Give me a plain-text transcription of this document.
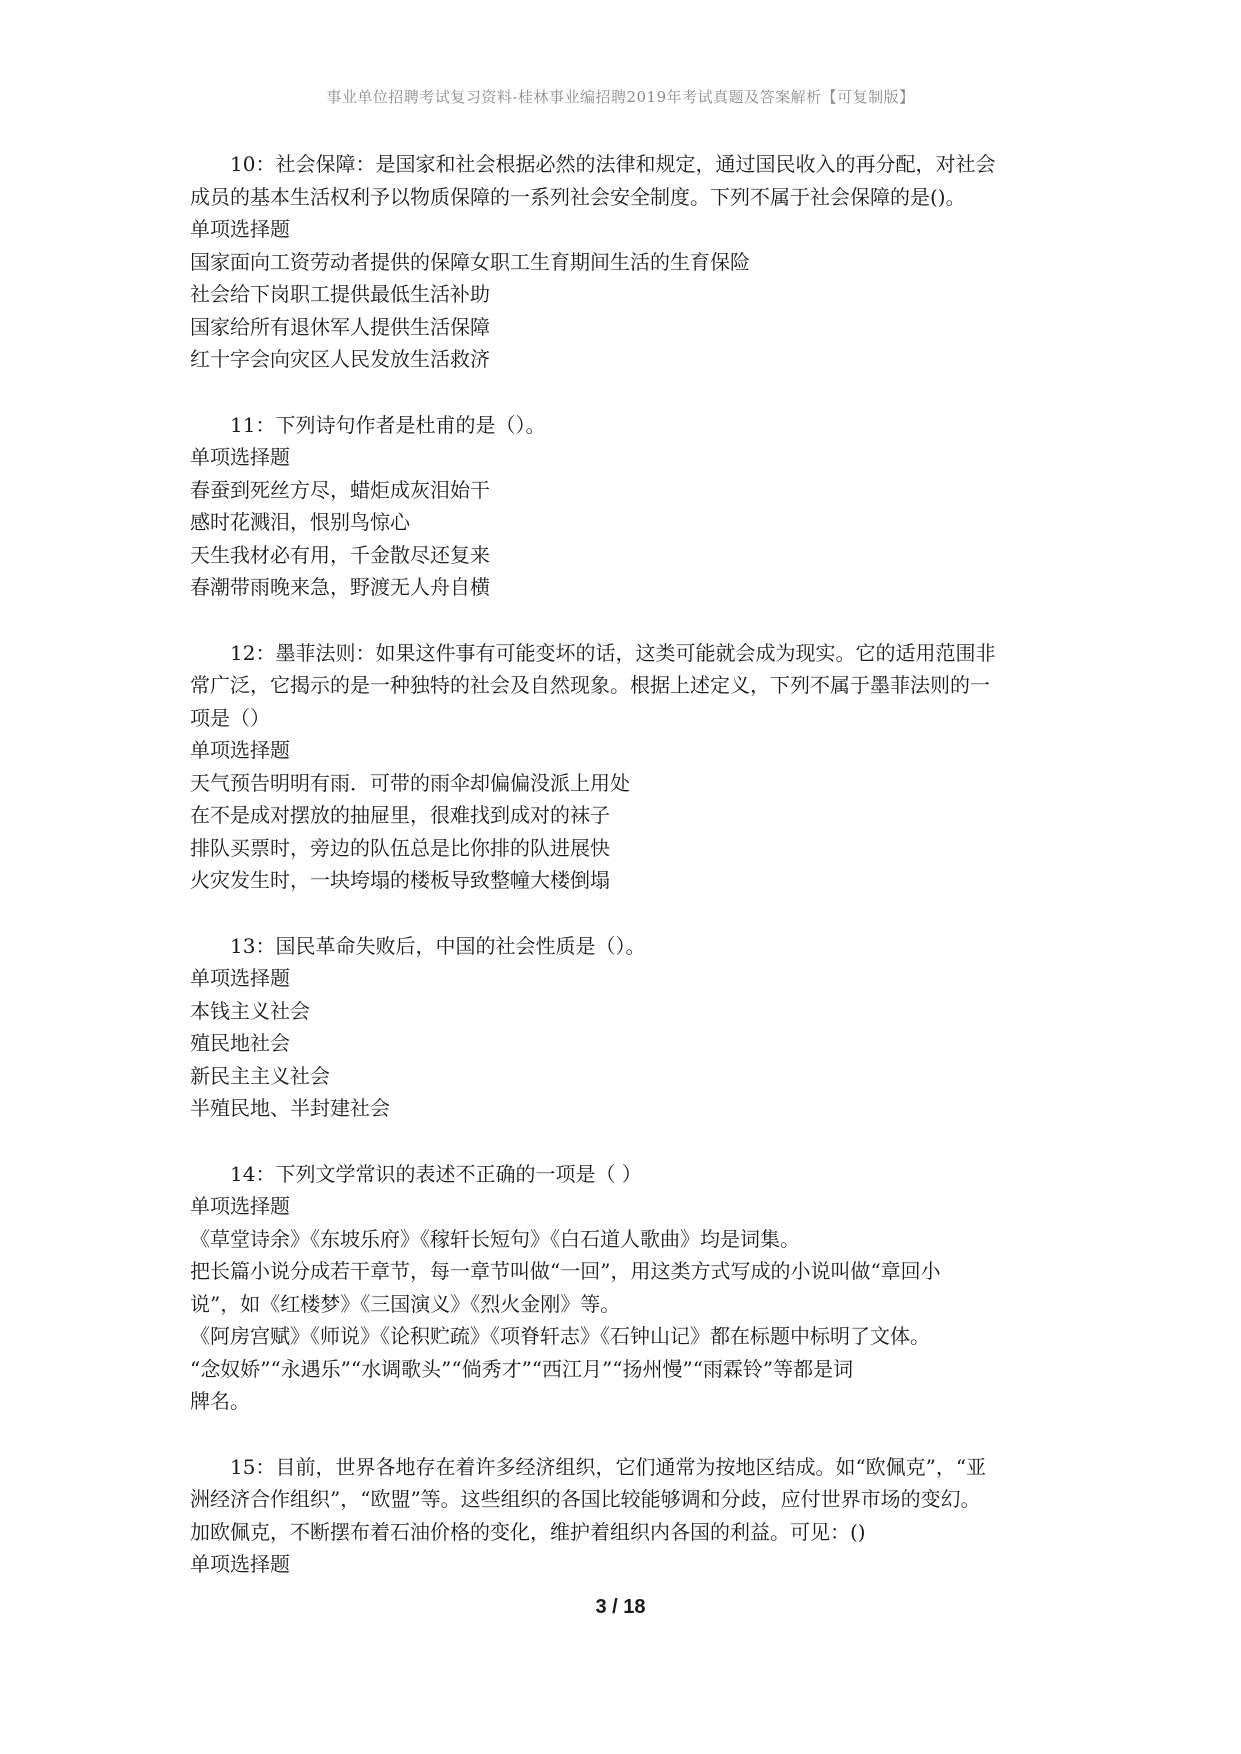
事业单位招聘考试复习资料-桂林事业编招聘2019年考试真题及答案解析【可复制版】
10：社会保障：是国家和社会根据必然的法律和规定，通过国民收入的再分配，对社会
成员的基本生活权利予以物质保障的一系列社会安全制度。下列不属于社会保障的是()。
单项选择题
国家面向工资劳动者提供的保障女职工生育期间生活的生育保险
社会给下岗职工提供最低生活补助
国家给所有退休军人提供生活保障
红十字会向灾区人民发放生活救济
11：下列诗句作者是杜甫的是（）。
单项选择题
春蚕到死丝方尽，蜡炬成灰泪始干
感时花溅泪，恨别鸟惊心
天生我材必有用，千金散尽还复来
春潮带雨晚来急，野渡无人舟自横
12：墨菲法则：如果这件事有可能变坏的话，这类可能就会成为现实。它的适用范围非
常广泛，它揭示的是一种独特的社会及自然现象。根据上述定义，下列不属于墨菲法则的一
项是（）
单项选择题
天气预告明明有雨．可带的雨伞却偏偏没派上用处
在不是成对摆放的抽屉里，很难找到成对的袜子
排队买票时，旁边的队伍总是比你排的队进展快
火灾发生时，一块垮塌的楼板导致整幢大楼倒塌
13：国民革命失败后，中国的社会性质是（）。
单项选择题
本钱主义社会
殖民地社会
新民主主义社会
半殖民地、半封建社会
14：下列文学常识的表述不正确的一项是（ ）
单项选择题
《草堂诗余》《东坡乐府》《稼轩长短句》《白石道人歌曲》均是词集。
把长篇小说分成若干章节，每一章节叫做“一回”，用这类方式写成的小说叫做“章回小
说”，如《红楼梦》《三国演义》《烈火金刚》等。
《阿房宫赋》《师说》《论积贮疏》《项脊轩志》《石钟山记》都在标题中标明了文体。
“念奴娇”“永遇乐”“水调歌头”“倘秀才”“西江月”“扬州慢”“雨霖铃”等都是词
牌名。
15：目前，世界各地存在着许多经济组织，它们通常为按地区结成。如“欧佩克”，“亚
洲经济合作组织”，“欧盟”等。这些组织的各国比较能够调和分歧，应付世界市场的变幻。
加欧佩克，不断摆布着石油价格的变化，维护着组织内各国的利益。可见：()
单项选择题
3 / 18
